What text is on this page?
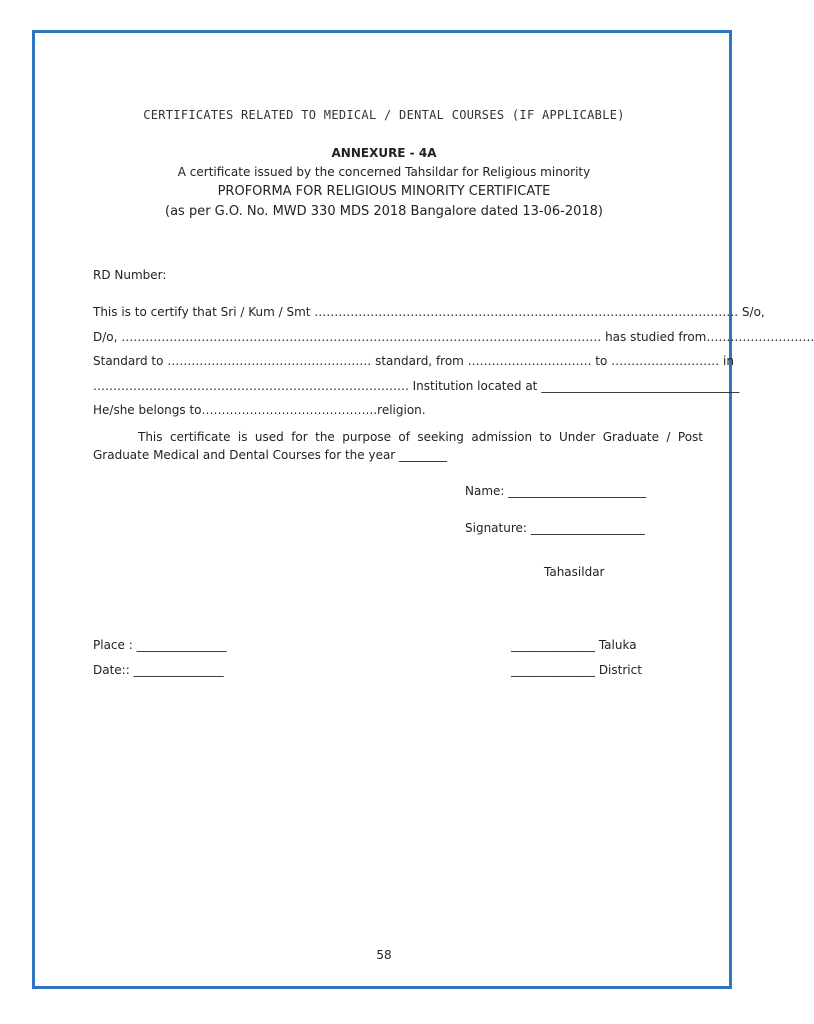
CERTIFICATES RELATED TO MEDICAL / DENTAL COURSES (IF APPLICABLE)
ANNEXURE - 4A
A certificate issued by the concerned Tahsildar for Religious minority
PROFORMA FOR RELIGIOUS MINORITY CERTIFICATE
(as per G.O. No. MWD 330 MDS 2018 Bangalore dated 13-06-2018)
RD Number:
This is to certify that Sri / Kum / Smt ……………………………………………………………………………………………. S/o,
D/o, ………………………………………………………………………………………………………… has studied from………………………
Standard to …………………………………………… standard, from …………………………. to ……………………… in
……………………………………………………………………. Institution located at _________________________________
He/she belongs to……………………………………..religion.
This certificate is used for the purpose of seeking admission to Under Graduate / Post Graduate Medical and Dental Courses for the year ________
Name: _______________________
Signature: ___________________
Tahasildar
Place : _______________
Date:: _______________
______________ Taluka
______________ District
58
